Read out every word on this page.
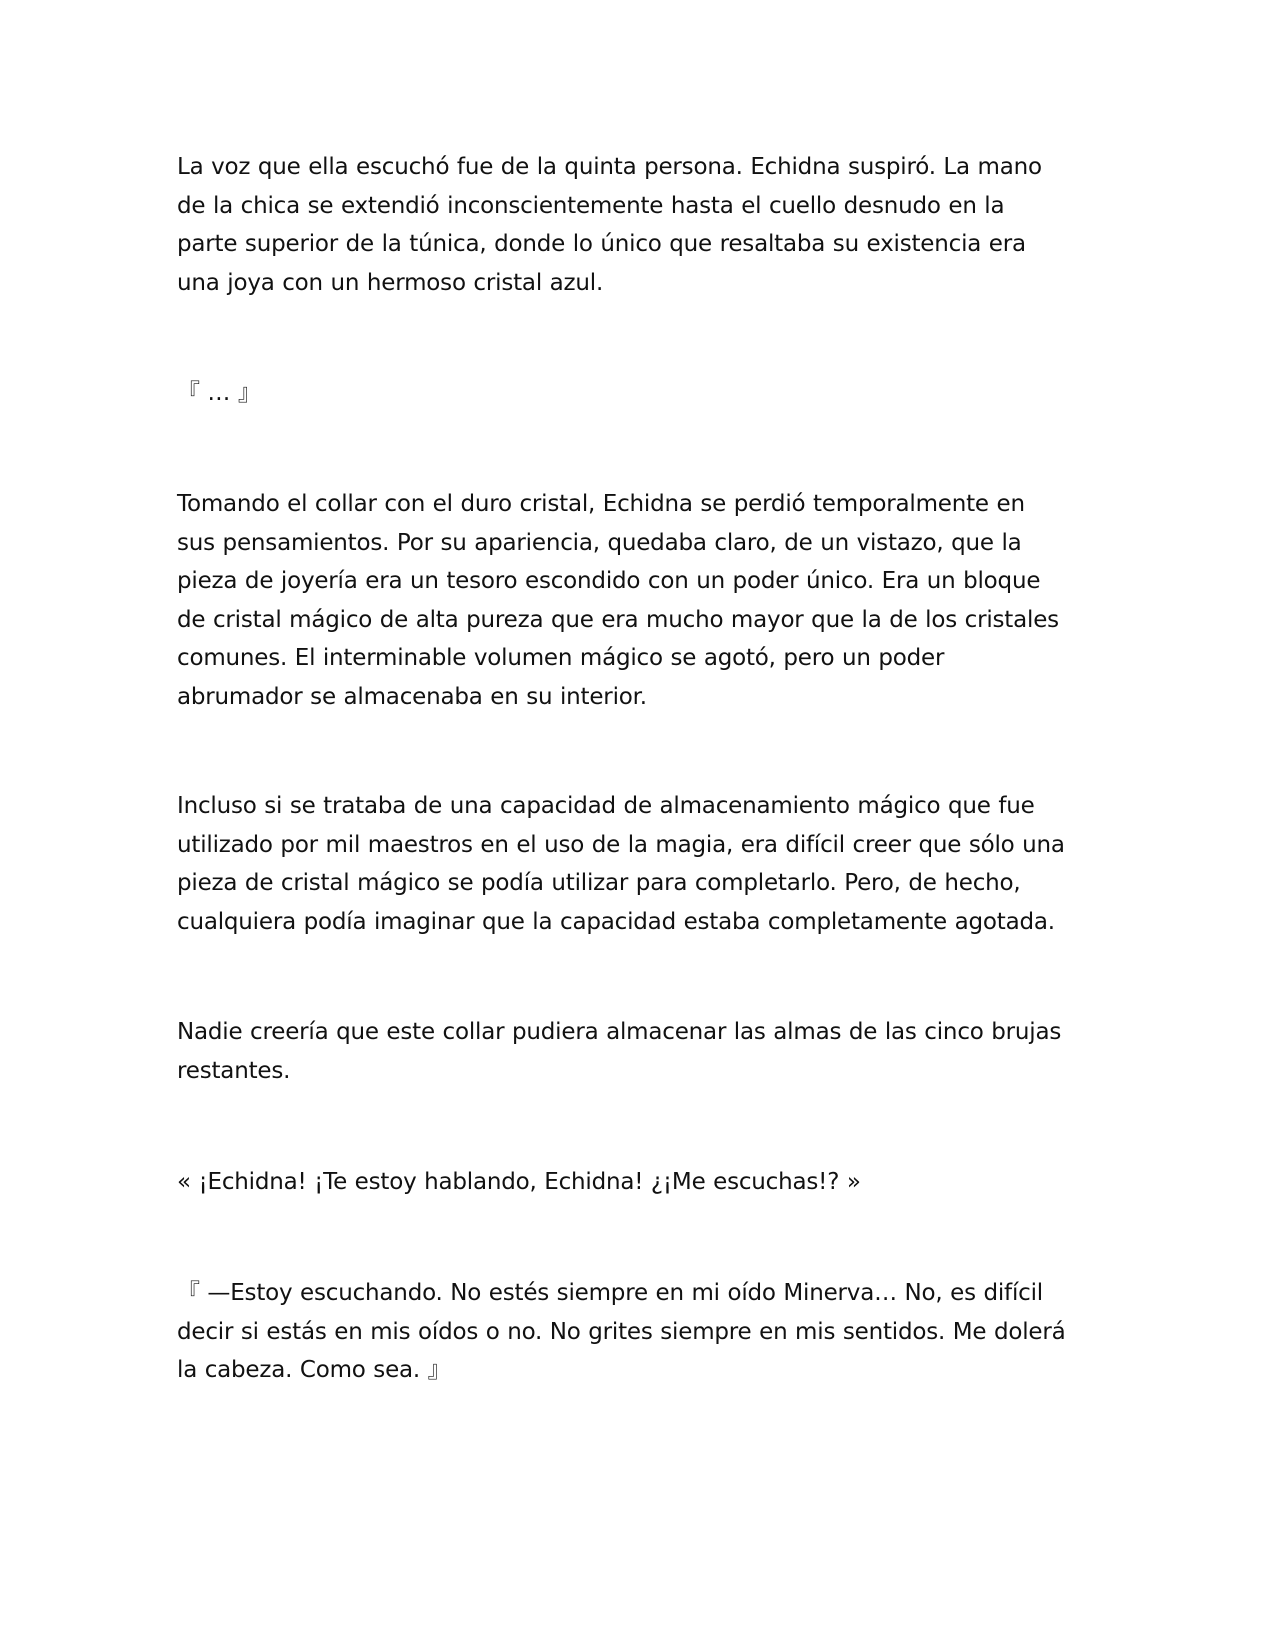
La voz que ella escuchó fue de la quinta persona. Echidna suspiró. La mano
de la chica se extendió inconscientemente hasta el cuello desnudo en la
parte superior de la túnica, donde lo único que resaltaba su existencia era
una joya con un hermoso cristal azul.

『 … 』

Tomando el collar con el duro cristal, Echidna se perdió temporalmente en
sus pensamientos. Por su apariencia, quedaba claro, de un vistazo, que la
pieza de joyería era un tesoro escondido con un poder único. Era un bloque
de cristal mágico de alta pureza que era mucho mayor que la de los cristales
comunes. El interminable volumen mágico se agotó, pero un poder
abrumador se almacenaba en su interior.

Incluso si se trataba de una capacidad de almacenamiento mágico que fue
utilizado por mil maestros en el uso de la magia, era difícil creer que sólo una
pieza de cristal mágico se podía utilizar para completarlo. Pero, de hecho,
cualquiera podía imaginar que la capacidad estaba completamente agotada.

Nadie creería que este collar pudiera almacenar las almas de las cinco brujas
restantes.

« ¡Echidna! ¡Te estoy hablando, Echidna! ¿¡Me escuchas!? »

『 —Estoy escuchando. No estés siempre en mi oído Minerva… No, es difícil
decir si estás en mis oídos o no. No grites siempre en mis sentidos. Me dolerá
la cabeza. Como sea. 』
